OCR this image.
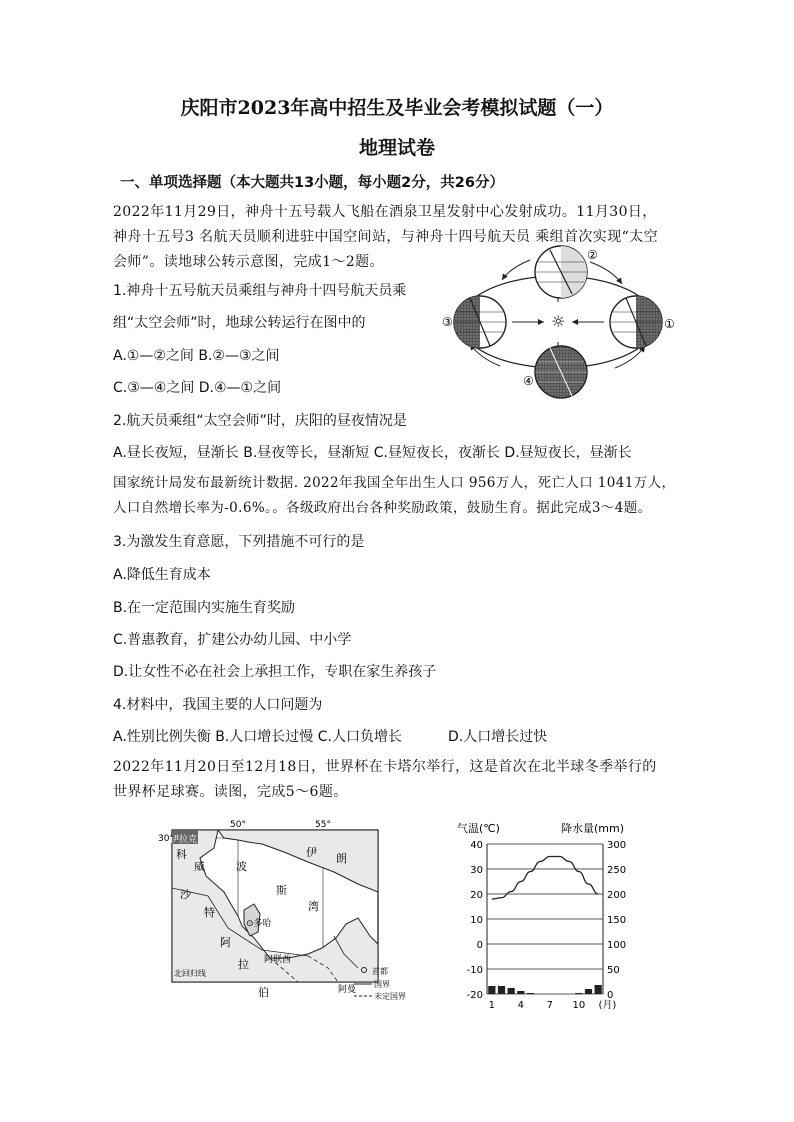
庆阳市2023年高中招生及毕业会考模拟试题（一）
地理试卷
一、单项选择题（本大题共13小题，每小题2分，共26分）
2022年11月29日，神舟十五号载人飞船在酒泉卫星发射中心发射成功。11月30日，
神舟十五号3 名航天员顺利进驻中国空间站，与神舟十四号航天员 乘组首次实现“太空
会师”。读地球公转示意图，完成1～2题。
1.神舟十五号航天员乘组与神舟十四号航天员乘
组“太空会师”时，地球公转运行在图中的
A.①—②之间 B.②—③之间
C.③—④之间 D.④—①之间
☼
②
③	①
④
2.航天员乘组“太空会师”时，庆阳的昼夜情况是
A.昼长夜短，昼渐长 B.昼夜等长，昼渐短 C.昼短夜长，夜渐长 D.昼短夜长，昼渐长
国家统计局发布最新统计数据. 2022年我国全年出生人口 956万人，死亡人口 1041万人，
人口自然增长率为-0.6%。。各级政府出台各种奖励政策，鼓励生育。据此完成3～4题。
3.为激发生育意愿，下列措施不可行的是
A.降低生育成本
B.在一定范围内实施生育奖励
C.普惠教育，扩建公办幼儿园、中小学
D.让女性不必在社会上承担工作，专职在家生养孩子
4.材料中，我国主要的人口问题为
A.性别比例失衡 B.人口增长过慢 C.人口负增长	D.人口增长过快
2022年11月20日至12月18日，世界杯在卡塔尔举行，这是首次在北半球冬季举行的
世界杯足球赛。读图，完成5～6题。
伊拉克
科
威	波
伊 朗
沙	斯
特	湾
阿
⊙多哈
拉 阿联酋
伯	阿曼
50°	55°
30°
北回归线	首都
国界
未定国界
气温(℃)	降水量(mm)
40
30
20
10
0
-10
-20
300
250
200
150
100
50
0
1 4 7 10 (月)
